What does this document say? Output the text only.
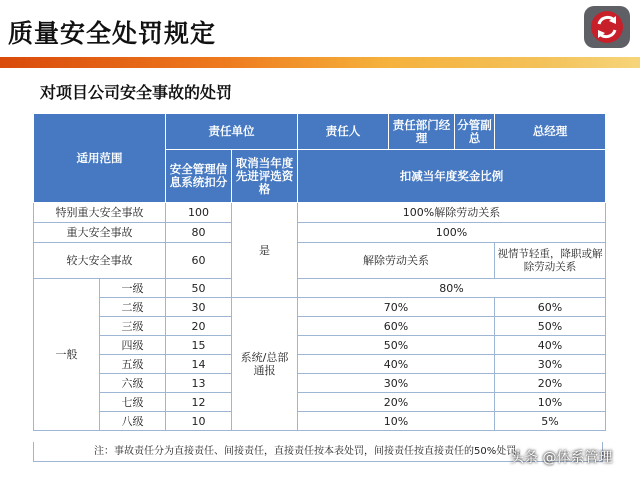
质量安全处罚规定
对项目公司安全事故的处罚
适用范围		责任单位		责任人	责任部门经理	分管副总	总经理
		安全管理信息系统扣分	取消当年度先进评选资格	扣减当年度奖金比例			
特别重大安全事故		100	是	100%解除劳动关系			
重大安全事故		80		100%			
较大安全事故		60		解除劳动关系			视情节轻重，降职或解除劳动关系
一般	一级	50		80%			
	二级	30	系统/总部通报	70%			60%
	三级	20		60%			50%
	四级	15		50%			40%
	五级	14		40%			30%
	六级	13		30%			20%
	七级	12		20%			10%
	八级	10		10%			5%
注：事故责任分为直接责任、间接责任，直接责任按本表处罚，间接责任按直接责任的50%处罚。
头条 @体系管理
